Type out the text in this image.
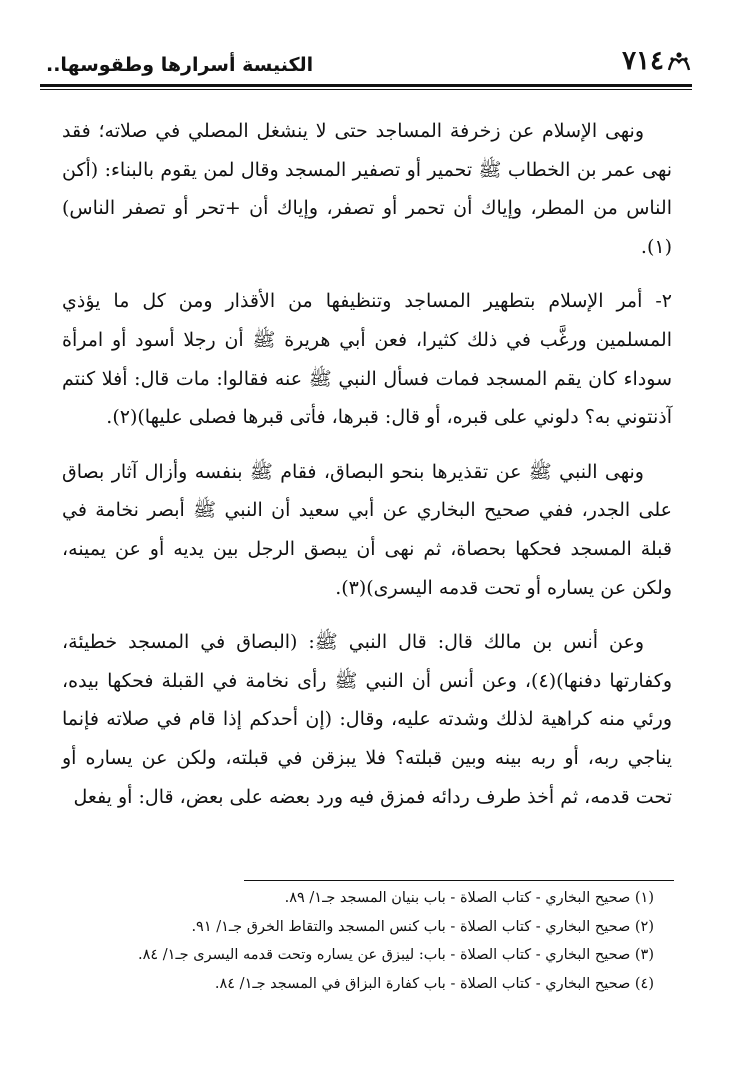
٧١٤
الكنيسة أسرارها وطقوسها..

ونهى الإسلام عن زخرفة المساجد حتى لا ينشغل المصلي في صلاته؛ فقد نهى عمر بن الخطاب ﷺ تحمير أو تصفير المسجد وقال لمن يقوم بالبناء: (أكن الناس من المطر، وإياك أن تحمر أو تصفر، وإياك أن +تحر أو تصفر الناس)(١).

٢- أمر الإسلام بتطهير المساجد وتنظيفها من الأقذار ومن كل ما يؤذي المسلمين ورغَّب في ذلك كثيرا، فعن أبي هريرة ﷺ أن رجلا أسود أو امرأة سوداء كان يقم المسجد فمات فسأل النبي ﷺ عنه فقالوا: مات قال: أفلا كنتم آذنتوني به؟ دلوني على قبره، أو قال: قبرها، فأتى قبرها فصلى عليها)(٢).

ونهى النبي ﷺ عن تقذيرها بنحو البصاق، فقام ﷺ بنفسه وأزال آثار بصاق على الجدر، ففي صحيح البخاري عن أبي سعيد أن النبي ﷺ أبصر نخامة في قبلة المسجد فحكها بحصاة، ثم نهى أن يبصق الرجل بين يديه أو عن يمينه، ولكن عن يساره أو تحت قدمه اليسرى)(٣).

وعن أنس بن مالك قال: قال النبي ﷺ: (البصاق في المسجد خطيئة، وكفارتها دفنها)(٤)، وعن أنس أن النبي ﷺ رأى نخامة في القبلة فحكها بيده، ورئي منه كراهية لذلك وشدته عليه، وقال: (إن أحدكم إذا قام في صلاته فإنما يناجي ربه، أو ربه بينه وبين قبلته؟ فلا يبزقن في قبلته، ولكن عن يساره أو تحت قدمه، ثم أخذ طرف ردائه فمزق فيه ورد بعضه على بعض، قال: أو يفعل

(١) صحيح البخاري - كتاب الصلاة - باب بنيان المسجد جـ١/ ٨٩.
(٢) صحيح البخاري - كتاب الصلاة - باب كنس المسجد والتقاط الخرق جـ١/ ٩١.
(٣) صحيح البخاري - كتاب الصلاة - باب: ليبزق عن يساره وتحت قدمه اليسرى جـ١/ ٨٤.
(٤) صحيح البخاري - كتاب الصلاة - باب كفارة البزاق في المسجد جـ١/ ٨٤.
